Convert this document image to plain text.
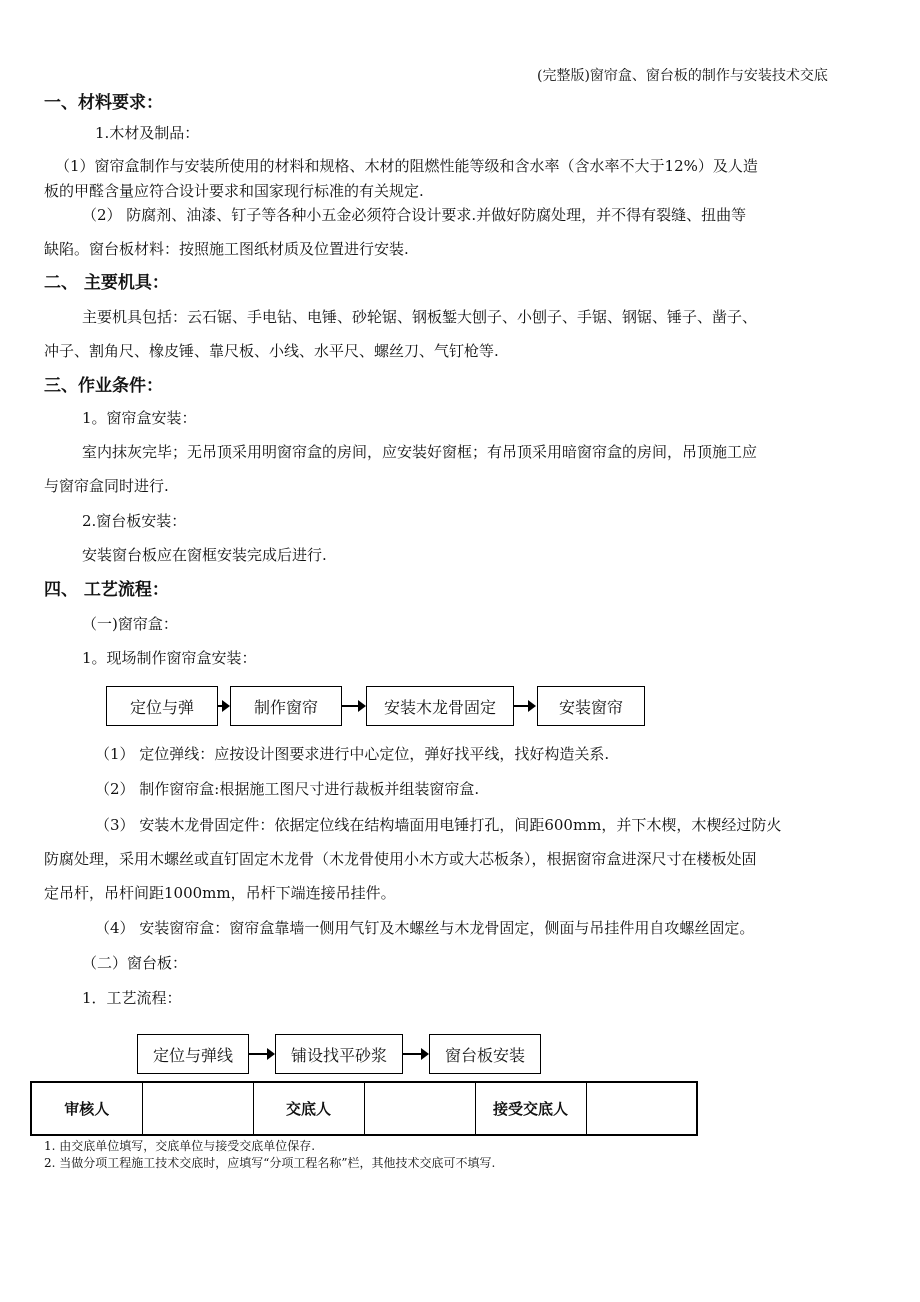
(完整版)窗帘盒、窗台板的制作与安装技术交底
一、材料要求：
1.木材及制品：
（1）窗帘盒制作与安装所使用的材料和规格、木材的阻燃性能等级和含水率（含水率不大于12%）及人造
板的甲醛含量应符合设计要求和国家现行标准的有关规定.
（2） 防腐剂、油漆、钉子等各种小五金必须符合设计要求.并做好防腐处理，并不得有裂缝、扭曲等
缺陷。窗台板材料：按照施工图纸材质及位置进行安装.
二、 主要机具：
主要机具包括：云石锯、手电钻、电锤、砂轮锯、钢板錾大刨子、小刨子、手锯、钢锯、锤子、凿子、
冲子、割角尺、橡皮锤、靠尺板、小线、水平尺、螺丝刀、气钉枪等.
三、作业条件：
1。窗帘盒安装：
室内抹灰完毕；无吊顶采用明窗帘盒的房间，应安装好窗框；有吊顶采用暗窗帘盒的房间，吊顶施工应
与窗帘盒同时进行.
2.窗台板安装：
安装窗台板应在窗框安装完成后进行.
四、 工艺流程：
（一)窗帘盒：
1。现场制作窗帘盒安装：
定位与弹	制作窗帘	安装木龙骨固定	安装窗帘
（1） 定位弹线：应按设计图要求进行中心定位，弹好找平线，找好构造关系.
（2） 制作窗帘盒:根据施工图尺寸进行裁板并组装窗帘盒.
（3） 安装木龙骨固定件：依据定位线在结构墙面用电锤打孔，间距600mm，并下木楔，木楔经过防火
防腐处理，采用木螺丝或直钉固定木龙骨（木龙骨使用小木方或大芯板条），根据窗帘盒进深尺寸在楼板处固
定吊杆，吊杆间距1000mm，吊杆下端连接吊挂件。
（4） 安装窗帘盒：窗帘盒靠墙一侧用气钉及木螺丝与木龙骨固定，侧面与吊挂件用自攻螺丝固定。
（二）窗台板：
1．工艺流程：
定位与弹线	铺设找平砂浆	窗台板安装
审核人		交底人		接受交底人	
1. 由交底单位填写，交底单位与接受交底单位保存.
2. 当做分项工程施工技术交底时，应填写“分项工程名称”栏，其他技术交底可不填写.
